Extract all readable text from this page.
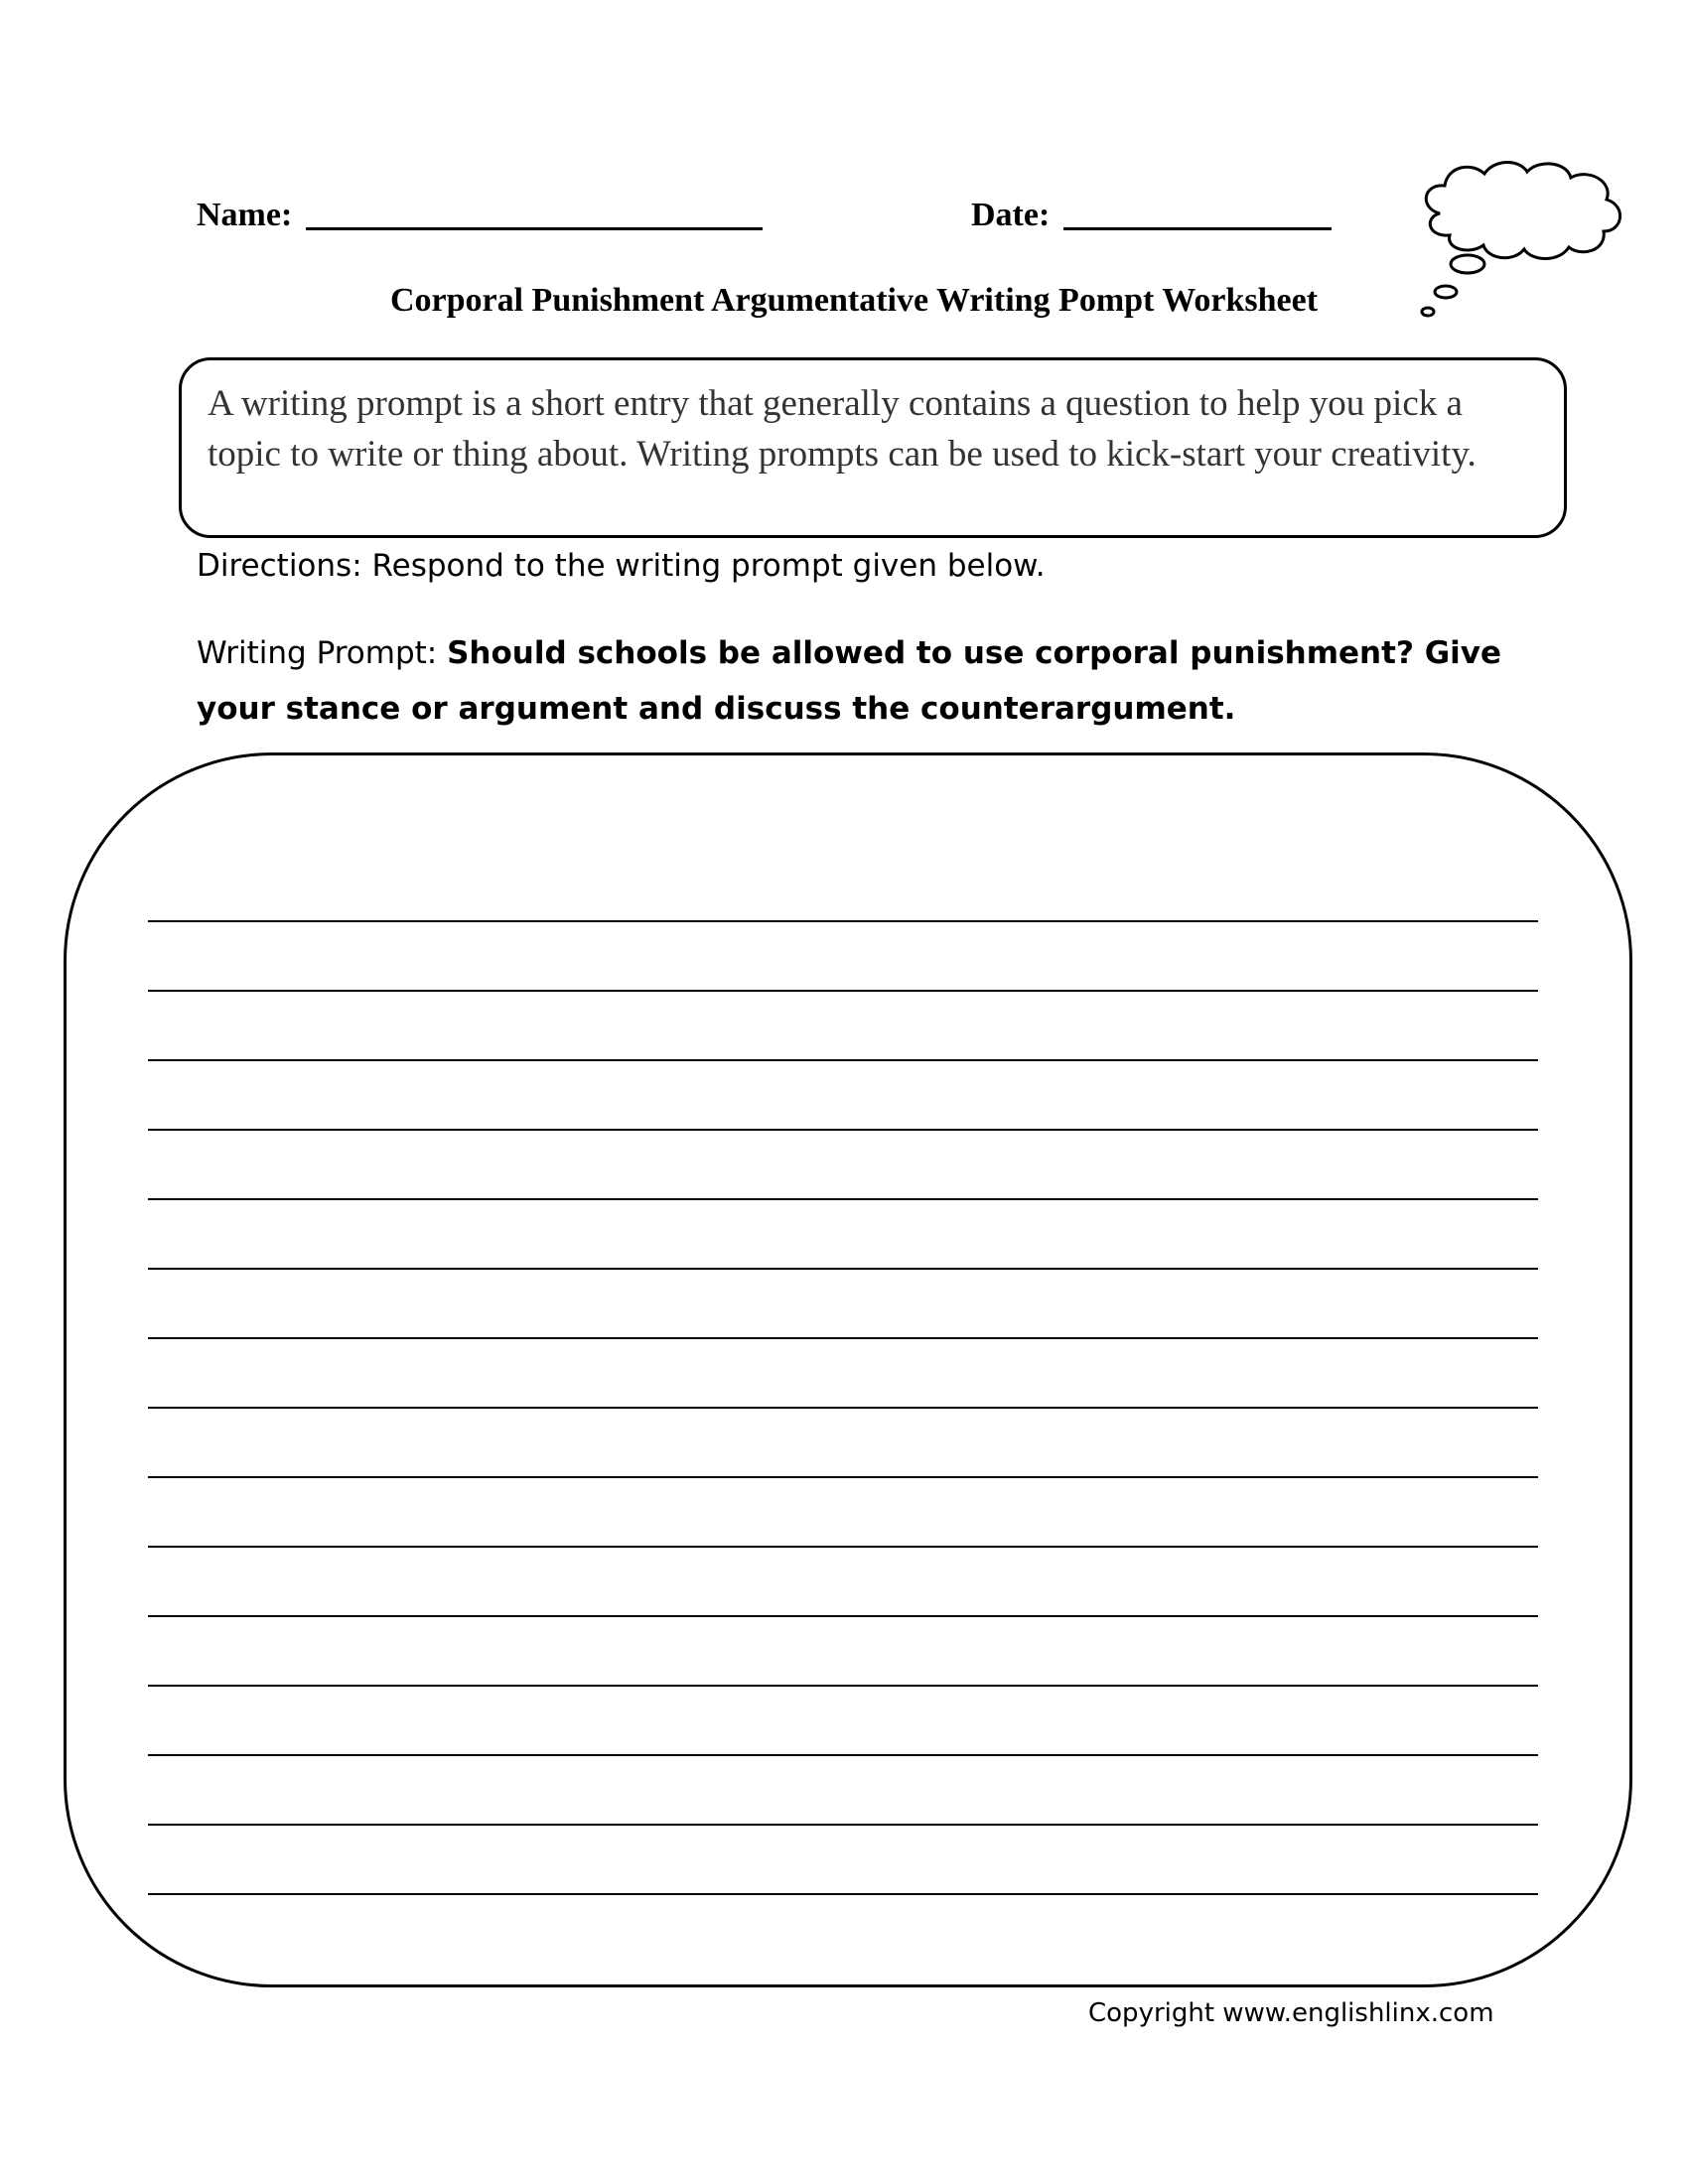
Name:	Date:
Corporal Punishment Argumentative Writing Pompt Worksheet

A writing prompt is a short entry that generally contains a question to help you pick a topic to write or thing about. Writing prompts can be used to kick-start your creativity.

Directions: Respond to the writing prompt given below.
Writing Prompt: Should schools be allowed to use corporal punishment? Give your stance or argument and discuss the counterargument.
Copyright www.englishlinx.com
